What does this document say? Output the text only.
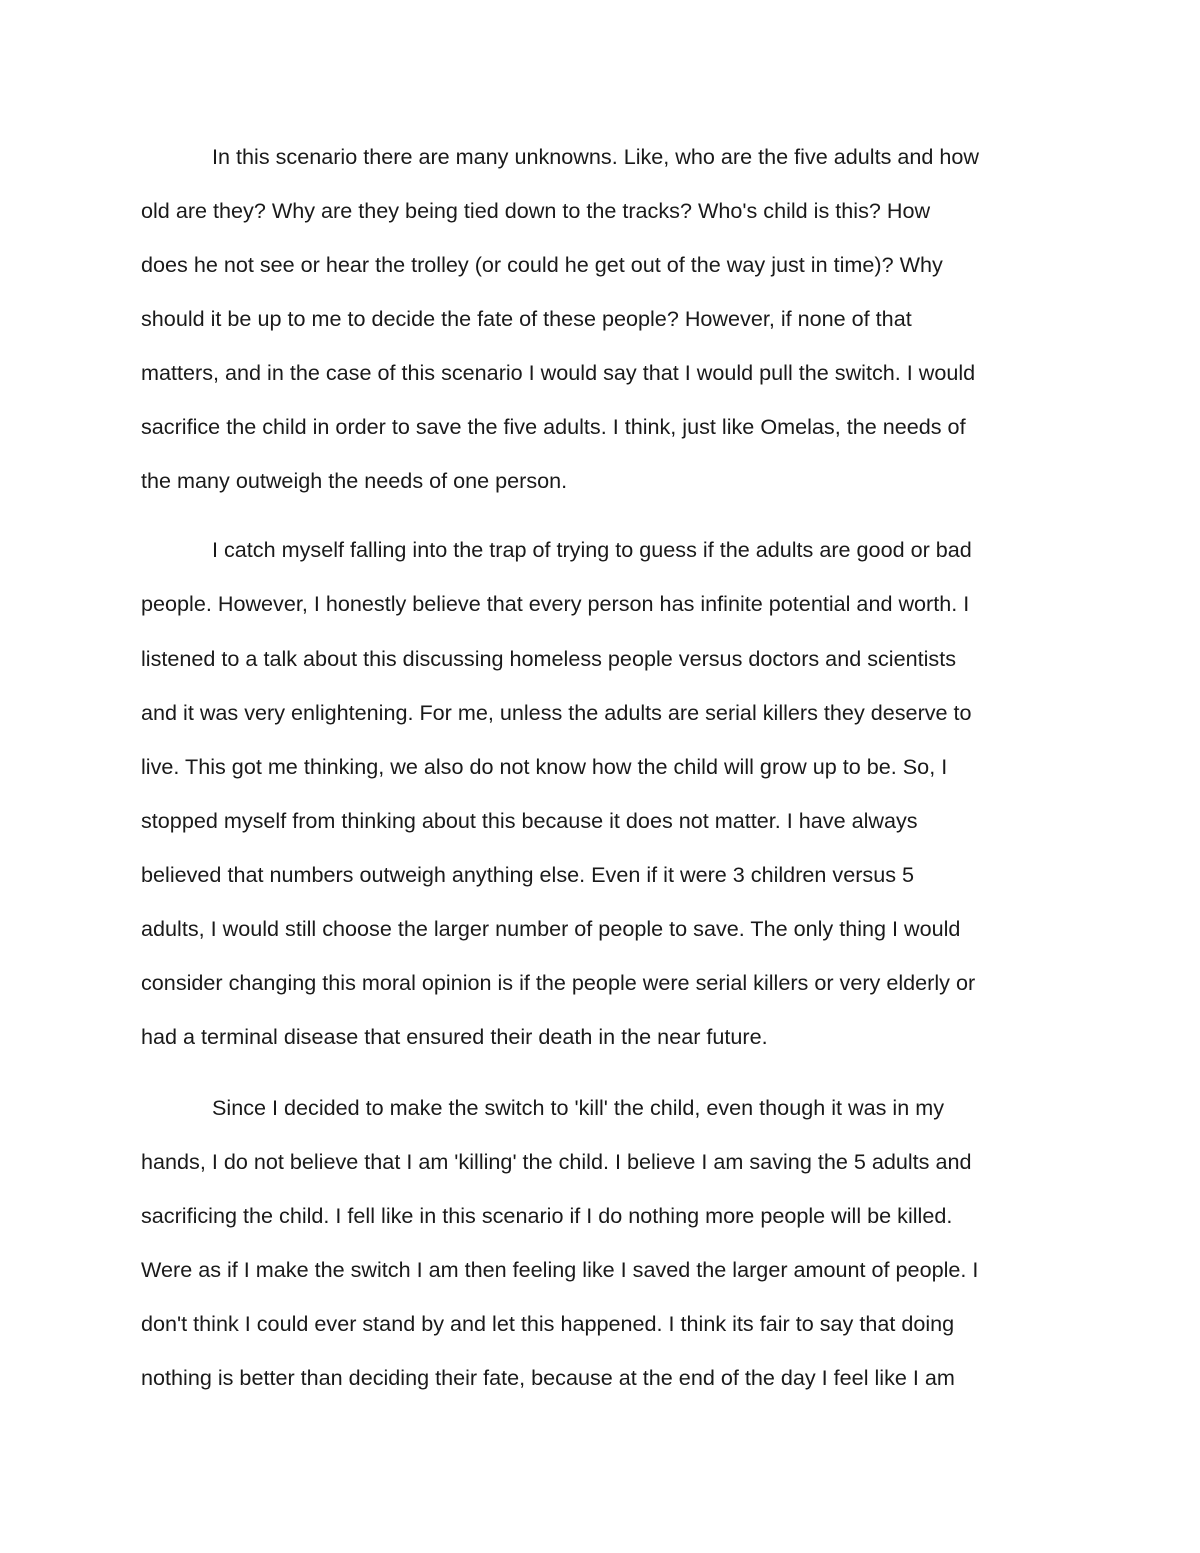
In this scenario there are many unknowns. Like, who are the five adults and how
old are they? Why are they being tied down to the tracks? Who's child is this? How
does he not see or hear the trolley (or could he get out of the way just in time)? Why
should it be up to me to decide the fate of these people? However, if none of that
matters, and in the case of this scenario I would say that I would pull the switch. I would
sacrifice the child in order to save the five adults. I think, just like Omelas, the needs of
the many outweigh the needs of one person.
I catch myself falling into the trap of trying to guess if the adults are good or bad
people. However, I honestly believe that every person has infinite potential and worth. I
listened to a talk about this discussing homeless people versus doctors and scientists
and it was very enlightening. For me, unless the adults are serial killers they deserve to
live. This got me thinking, we also do not know how the child will grow up to be. So, I
stopped myself from thinking about this because it does not matter. I have always
believed that numbers outweigh anything else. Even if it were 3 children versus 5
adults, I would still choose the larger number of people to save. The only thing I would
consider changing this moral opinion is if the people were serial killers or very elderly or
had a terminal disease that ensured their death in the near future.
Since I decided to make the switch to 'kill' the child, even though it was in my
hands, I do not believe that I am 'killing' the child. I believe I am saving the 5 adults and
sacrificing the child. I fell like in this scenario if I do nothing more people will be killed.
Were as if I make the switch I am then feeling like I saved the larger amount of people. I
don't think I could ever stand by and let this happened. I think its fair to say that doing
nothing is better than deciding their fate, because at the end of the day I feel like I am
